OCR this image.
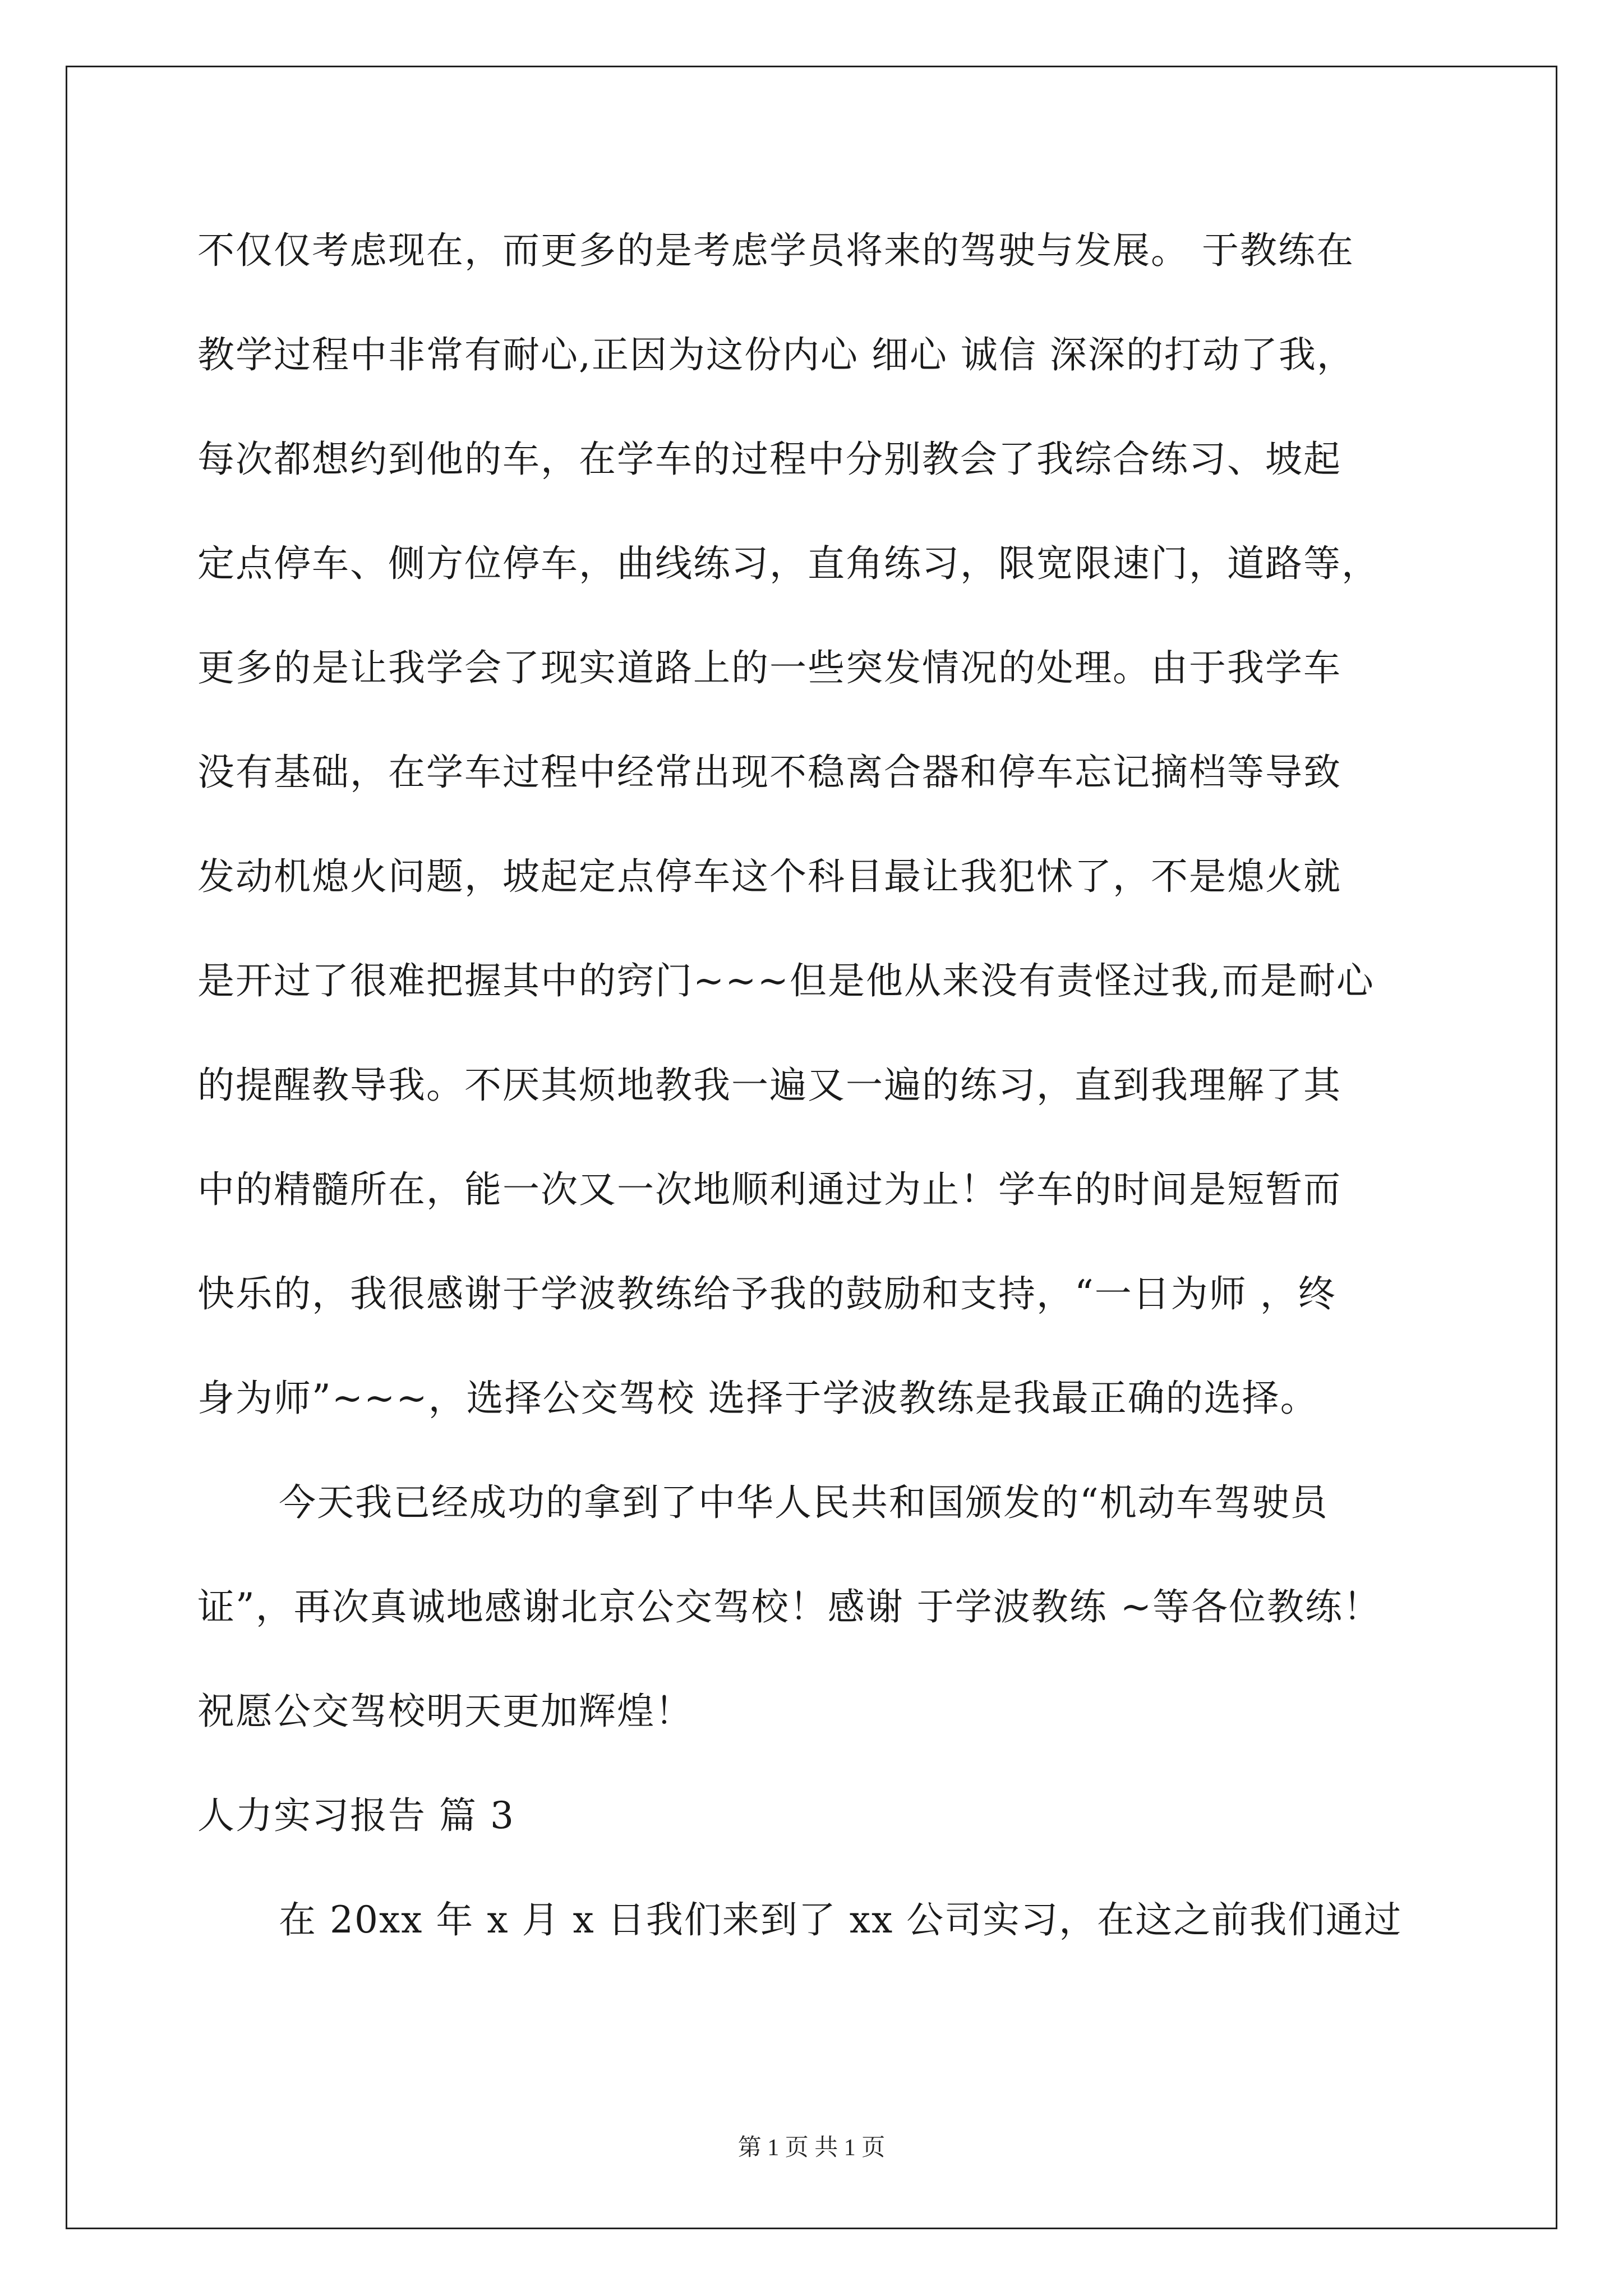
不仅仅考虑现在，而更多的是考虑学员将来的驾驶与发展。 于教练在
教学过程中非常有耐心,正因为这份内心 细心 诚信 深深的打动了我，
每次都想约到他的车，在学车的过程中分别教会了我综合练习、坡起
定点停车、侧方位停车，曲线练习，直角练习，限宽限速门，道路等，
更多的是让我学会了现实道路上的一些突发情况的处理。由于我学车
没有基础，在学车过程中经常出现不稳离合器和停车忘记摘档等导致
发动机熄火问题，坡起定点停车这个科目最让我犯怵了，不是熄火就
是开过了很难把握其中的窍门~~~但是他从来没有责怪过我,而是耐心
的提醒教导我。不厌其烦地教我一遍又一遍的练习，直到我理解了其
中的精髓所在，能一次又一次地顺利通过为止！学车的时间是短暂而
快乐的，我很感谢于学波教练给予我的鼓励和支持，“一日为师 ，终
身为师”~~~，选择公交驾校 选择于学波教练是我最正确的选择。
今天我已经成功的拿到了中华人民共和国颁发的“机动车驾驶员
证”，再次真诚地感谢北京公交驾校！感谢 于学波教练 ~等各位教练！
祝愿公交驾校明天更加辉煌！
人力实习报告 篇 3
在 20xx 年 x 月 x 日我们来到了 xx 公司实习，在这之前我们通过
第 1 页 共 1 页
